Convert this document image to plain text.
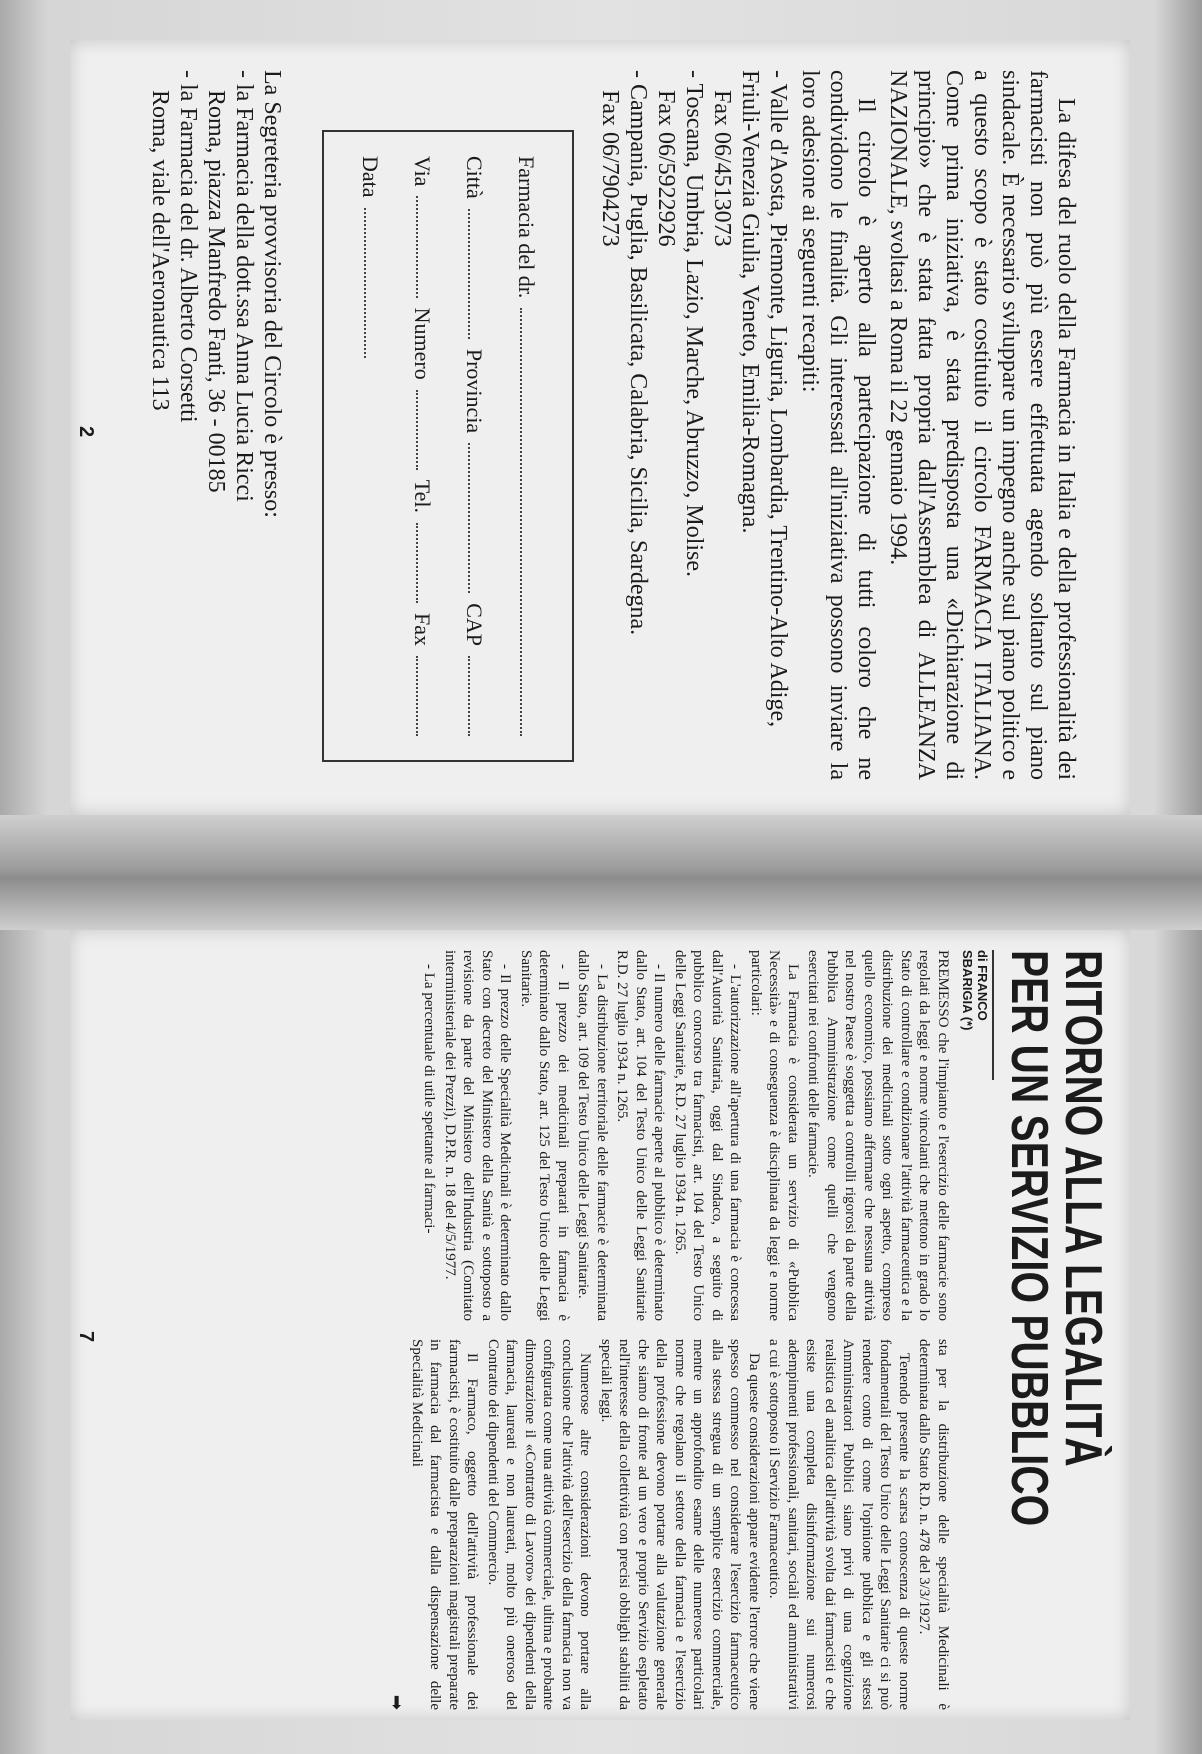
La difesa del ruolo della Farmacia in Italia e della professionalità dei farmacisti non può più essere effettuata agendo soltanto sul piano sindacale. È necessario sviluppare un impegno anche sul piano politico e a questo scopo è stato costituito il circolo FARMACIA ITALIANA. Come prima iniziativa, è stata predisposta una «Dichiarazione di principio» che è stata fatta propria dall'Assemblea di ALLEANZA NAZIONALE, svoltasi a Roma il 22 gennaio 1994.

Il circolo è aperto alla partecipazione di tutti coloro che ne condividono le finalità. Gli interessati all'iniziativa possono inviare la loro adesione ai seguenti recapiti:

- Valle d'Aosta, Piemonte, Liguria, Lombardia, Trentino-Alto Adige, Friuli-Venezia Giulia, Veneto, Emilia-Romagna.
Fax 06/4513073
- Toscana, Umbria, Lazio, Marche, Abruzzo, Molise.
Fax 06/5922926
- Campania, Puglia, Basilicata, Calabria, Sicilia, Sardegna.
Fax 06/7904273
Farmacia del dr.
Città
Provincia
CAP
Via
Numero
Tel.
Fax
Data
La Segreteria provvisoria del Circolo è presso:
- la Farmacia della dott.ssa Anna Lucia Ricci
Roma, piazza Manfredo Fanti, 36 - 00185
- la Farmacia del dr. Alberto Corsetti
Roma, viale dell'Aeronautica 113
2
RITORNO ALLA LEGALITÀ
PER UN SERVIZIO PUBBLICO
di FRANCO SBARIGIA (*)

PREMESSO che l'impianto e l'esercizio delle farmacie sono regolati da leggi e norme vincolanti che mettono in grado lo Stato di controllare e condizionare l'attività farmaceutica e la distribuzione dei medicinali sotto ogni aspetto, compreso quello economico, possiamo affermare che nessuna attività nel nostro Paese è soggetta a controlli rigorosi da parte della Pubblica Amministrazione come quelli che vengono esercitati nei confronti delle farmacie.

La Farmacia è considerata un servizio di «Pubblica Necessità» e di conseguenza è disciplinata da leggi e norme particolari:

- L'autorizzazione all'apertura di una farmacia è concessa dall'Autorità Sanitaria, oggi dal Sindaco, a seguito di pubblico concorso tra farmacisti, art. 104 del Testo Unico delle Leggi Sanitarie, R.D. 27 luglio 1934 n. 1265.

- Il numero delle farmacie aperte al pubblico è determinato dallo Stato, art. 104 del Testo Unico delle Leggi Sanitarie R.D. 27 luglio 1934 n. 1265.

- La distribuzione territoriale delle farmacie è determinata dallo Stato, art. 109 del Testo Unico delle Leggi Sanitarie.

- Il prezzo dei medicinali preparati in farmacia è determinato dallo Stato, art. 125 del Testo Unico delle Leggi Sanitarie.

- Il prezzo delle Specialità Medicinali è determinato dallo Stato con decreto del Ministero della Sanità e sottoposto a revisione da parte del Ministero dell'Industria (Comitato interministeriale dei Prezzi), D.P.R. n. 18 del 4/5/1977.

- La percentuale di utile spettante al farmaci-

sta per la distribuzione delle specialità Medicinali è determinata dallo Stato R.D. n. 478 del 3/3/1927.

Tenendo presente la scarsa conoscenza di queste norme fondamentali del Testo Unico delle Leggi Sanitarie ci si può rendere conto di come l'opinione pubblica e gli stessi Amministratori Pubblici siano privi di una cognizione realistica ed analitica dell'attività svolta dai farmacisti e che esiste una completa disinformazione sui numerosi adempimenti professionali, sanitari, sociali ed amministrativi a cui è sottoposto il Servizio Farmaceutico.

Da queste considerazioni appare evidente l'errore che viene spesso commesso nel considerare l'esercizio farmaceutico alla stessa stregua di un semplice esercizio commerciale, mentre un approfondito esame delle numerose particolari norme che regolano il settore della farmacia e l'esercizio della professione devono portare alla valutazione generale che siamo di fronte ad un vero e proprio Servizio espletato nell'interesse della collettività con precisi obblighi stabiliti da speciali leggi.

Numerose altre considerazioni devono portare alla conclusione che l'attività dell'esercizio della farmacia non va configurata come una attività commerciale, ultima e probante dimostrazione il «Contratto di Lavoro» dei dipendenti della farmacia, laureati e non laureati, molto più oneroso del Contratto dei dipendenti del Commercio.

Il Farmaco, oggetto dell'attività professionale dei farmacisti, è costituito dalle preparazioni magistrali preparate in farmacia dal farmacista e dalla dispensazione delle Specialità Medicinali

➡
7
